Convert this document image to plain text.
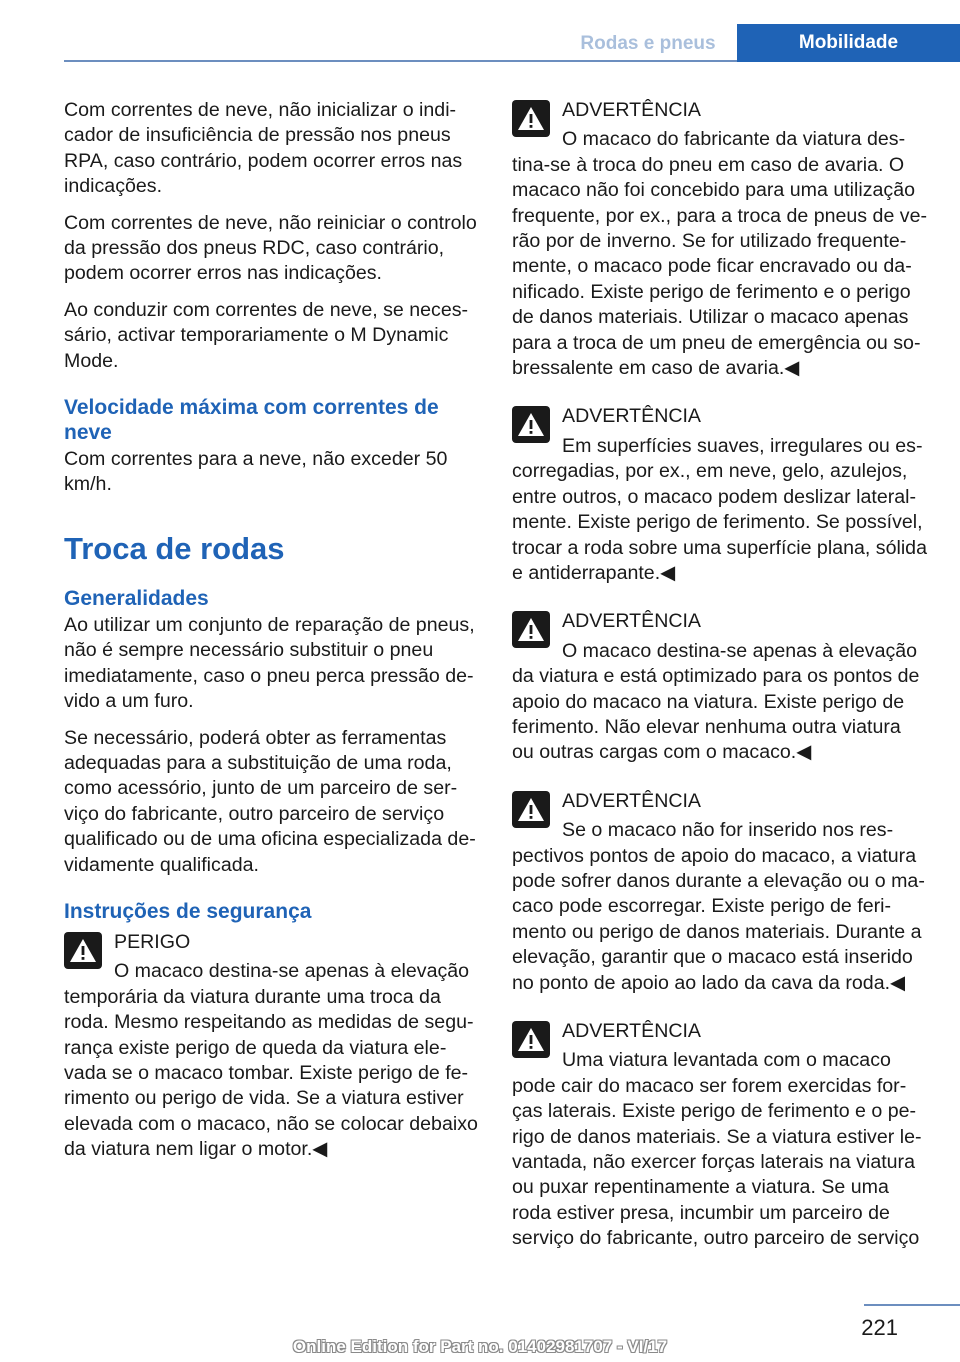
Rodas e pneus	Mobilidade

Com correntes de neve, não inicializar o indicador de insuficiência de pressão nos pneus RPA, caso contrário, podem ocorrer erros nas indicações.

Com correntes de neve, não reiniciar o controlo da pressão dos pneus RDC, caso contrário, podem ocorrer erros nas indicações.

Ao conduzir com correntes de neve, se necessário, activar temporariamente o M Dynamic Mode.

Velocidade máxima com correntes de neve

Com correntes para a neve, não exceder 50 km/h.

Troca de rodas
Generalidades

Ao utilizar um conjunto de reparação de pneus, não é sempre necessário substituir o pneu imediatamente, caso o pneu perca pressão devido a um furo.

Se necessário, poderá obter as ferramentas adequadas para a substituição de uma roda, como acessório, junto de um parceiro de serviço do fabricante, outro parceiro de serviço qualificado ou de uma oficina especializada devidamente qualificada.

Instruções de segurança
PERIGO
O macaco destina-se apenas à elevação temporária da viatura durante uma troca da roda. Mesmo respeitando as medidas de segurança existe perigo de queda da viatura elevada se o macaco tombar. Existe perigo de ferimento ou perigo de vida. Se a viatura estiver elevada com o macaco, não se colocar debaixo da viatura nem ligar o motor.◀
ADVERTÊNCIA
O macaco do fabricante da viatura destina-se à troca do pneu em caso de avaria. O macaco não foi concebido para uma utilização frequente, por ex., para a troca de pneus de verão por de inverno. Se for utilizado frequentemente, o macaco pode ficar encravado ou danificado. Existe perigo de ferimento e o perigo de danos materiais. Utilizar o macaco apenas para a troca de um pneu de emergência ou sobressalente em caso de avaria.◀
ADVERTÊNCIA
Em superfícies suaves, irregulares ou escorregadias, por ex., em neve, gelo, azulejos, entre outros, o macaco podem deslizar lateralmente. Existe perigo de ferimento. Se possível, trocar a roda sobre uma superfície plana, sólida e antiderrapante.◀
ADVERTÊNCIA
O macaco destina-se apenas à elevação da viatura e está optimizado para os pontos de apoio do macaco na viatura. Existe perigo de ferimento. Não elevar nenhuma outra viatura ou outras cargas com o macaco.◀
ADVERTÊNCIA
Se o macaco não for inserido nos respectivos pontos de apoio do macaco, a viatura pode sofrer danos durante a elevação ou o macaco pode escorregar. Existe perigo de ferimento ou perigo de danos materiais. Durante a elevação, garantir que o macaco está inserido no ponto de apoio ao lado da cava da roda.◀
ADVERTÊNCIA
Uma viatura levantada com o macaco pode cair do macaco ser forem exercidas forças laterais. Existe perigo de ferimento e o perigo de danos materiais. Se a viatura estiver levantada, não exercer forças laterais na viatura ou puxar repentinamente a viatura. Se uma roda estiver presa, incumbir um parceiro de serviço do fabricante, outro parceiro de serviço
221
Online Edition for Part no. 01402981707 - VI/17
